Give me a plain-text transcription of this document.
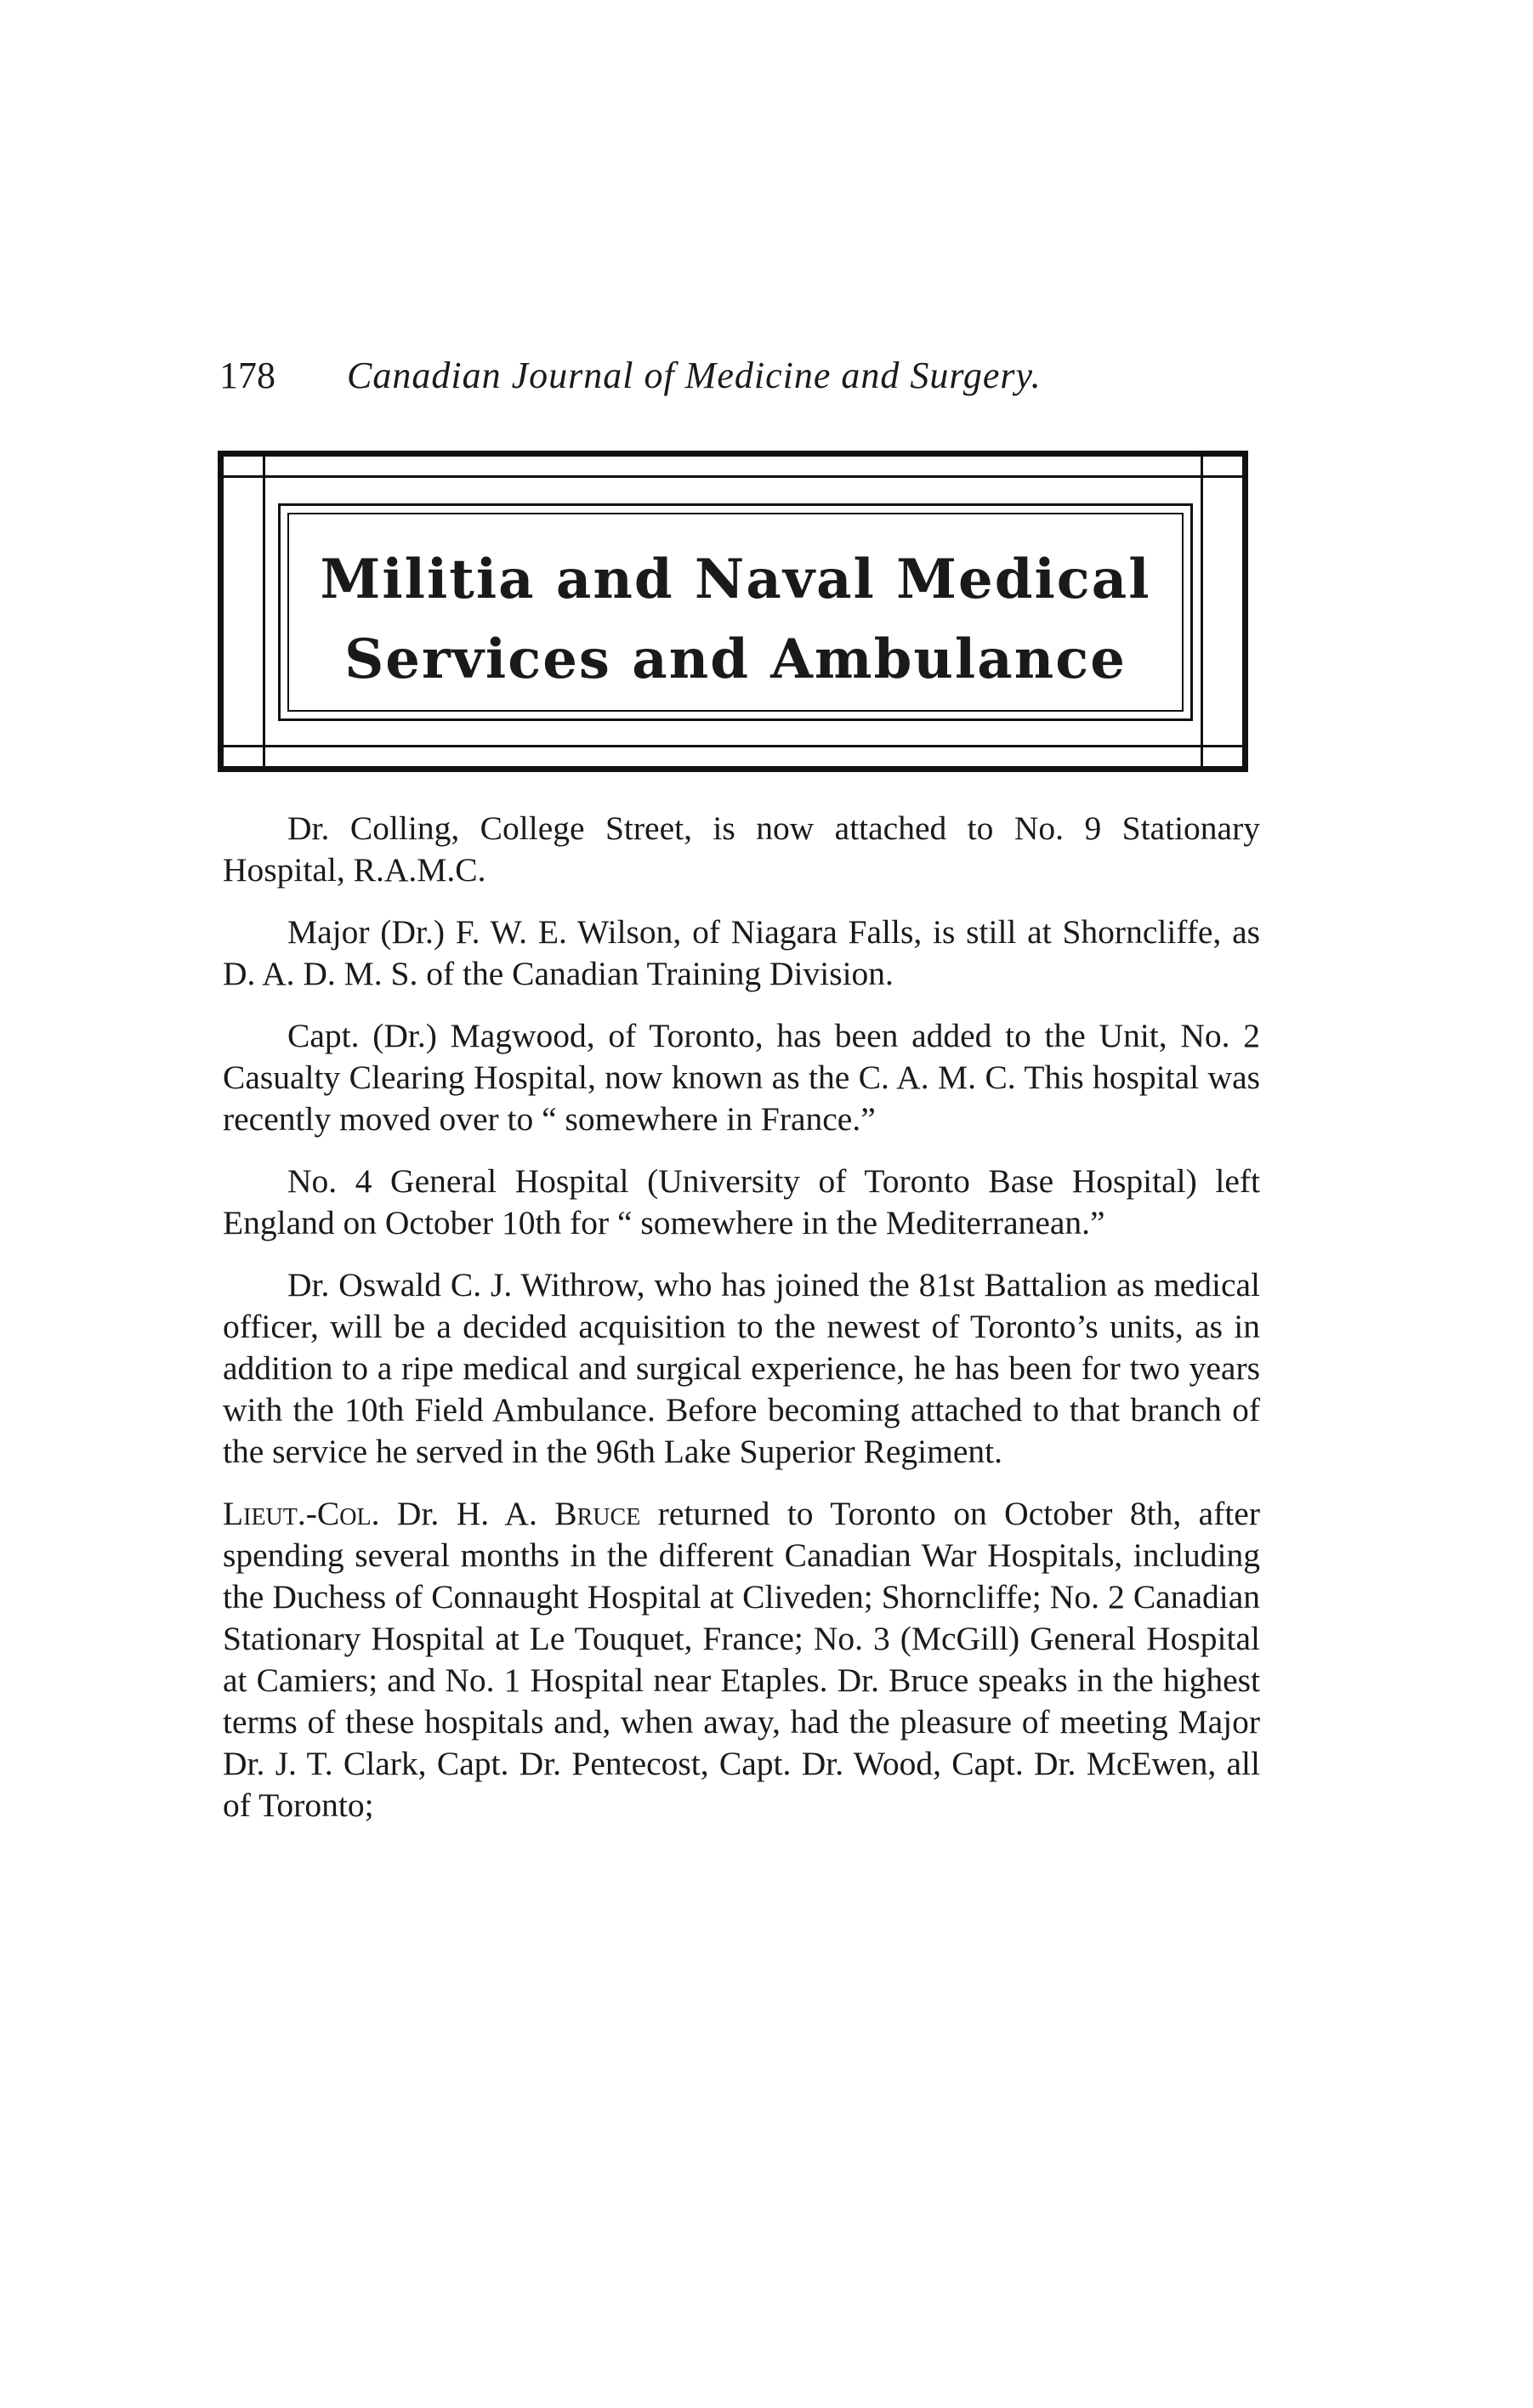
178 Canadian Journal of Medicine and Surgery.
Militia and Naval Medical
Services and Ambulance

Dr. Colling, College Street, is now attached to No. 9 Stationary Hospital, R.A.M.C.

Major (Dr.) F. W. E. Wilson, of Niagara Falls, is still at Shorncliffe, as D. A. D. M. S. of the Canadian Training Division.

Capt. (Dr.) Magwood, of Toronto, has been added to the Unit, No. 2 Casualty Clearing Hospital, now known as the C. A. M. C. This hospital was recently moved over to “ somewhere in France.”

No. 4 General Hospital (University of Toronto Base Hospital) left England on October 10th for “ somewhere in the Mediterranean.”

Dr. Oswald C. J. Withrow, who has joined the 81st Battalion as medical officer, will be a decided acquisition to the newest of Toronto’s units, as in addition to a ripe medical and surgical experience, he has been for two years with the 10th Field Ambulance. Before becoming attached to that branch of the service he served in the 96th Lake Superior Regiment.

Lieut.-Col. Dr. H. A. Bruce returned to Toronto on October 8th, after spending several months in the different Canadian War Hospitals, including the Duchess of Connaught Hospital at Cliveden; Shorncliffe; No. 2 Canadian Stationary Hospital at Le Touquet, France; No. 3 (McGill) General Hospital at Camiers; and No. 1 Hospital near Etaples. Dr. Bruce speaks in the highest terms of these hospitals and, when away, had the pleasure of meeting Major Dr. J. T. Clark, Capt. Dr. Pentecost, Capt. Dr. Wood, Capt. Dr. McEwen, all of Toronto;
